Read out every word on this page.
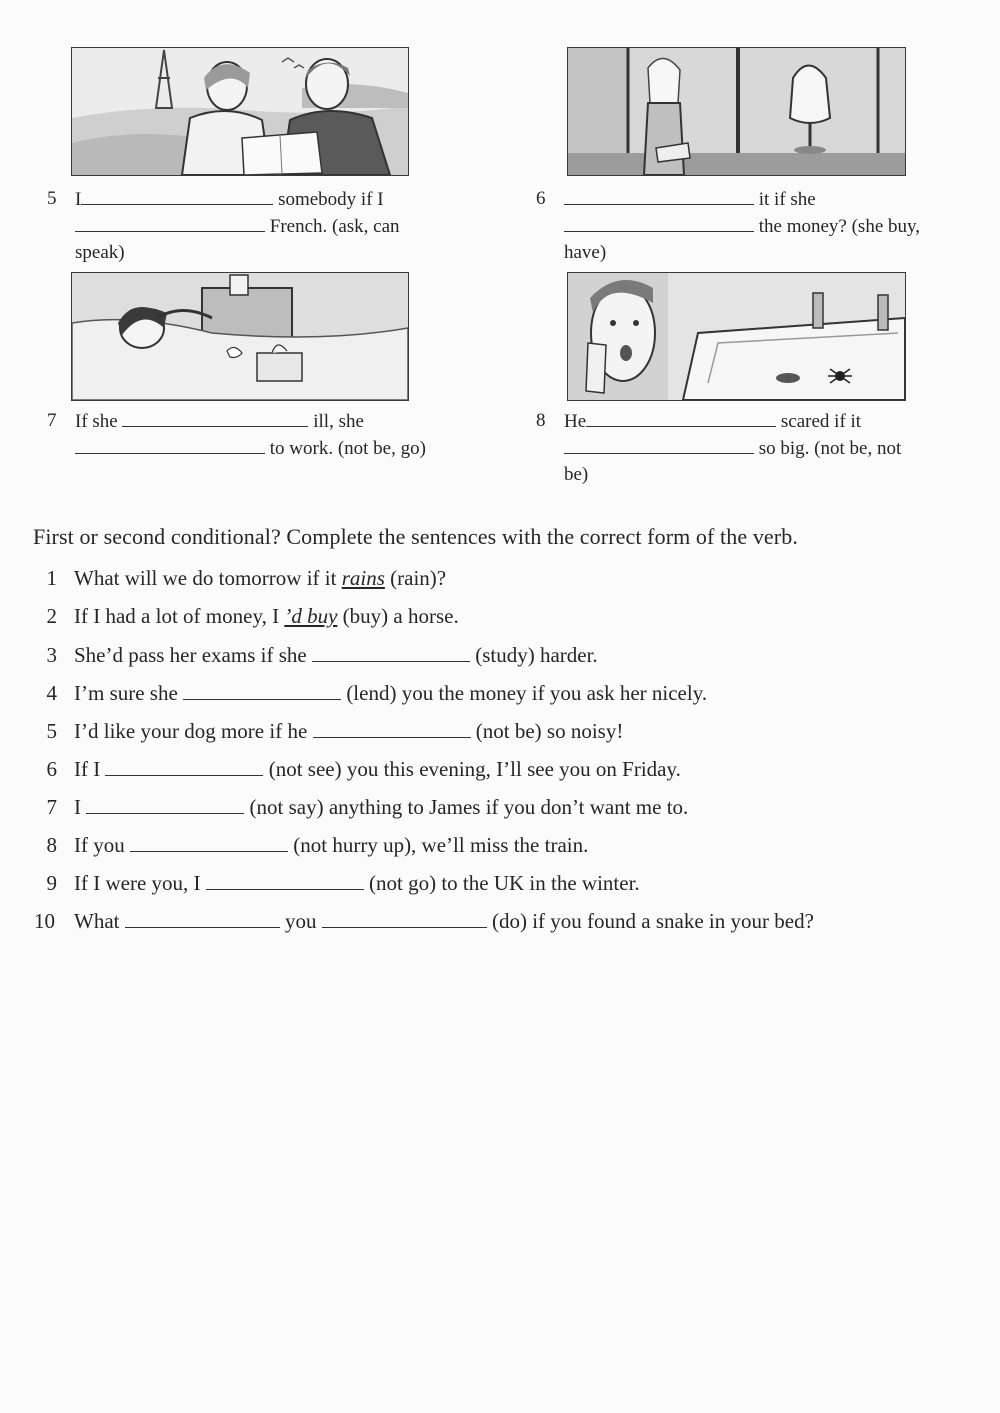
5 I	somebody if I
French. (ask, can
speak)
6	it if she
the money? (she buy,
have)
7 If she	ill, she
to work. (not be, go)
8 He	scared if it
so big. (not be, not
be)
First or second conditional? Complete the sentences with the correct form of the verb.
1 What will we do tomorrow if it rains (rain)?
2 If I had a lot of money, I ’d buy (buy) a horse.
3 She’d pass her exams if she	(study) harder.
4 I’m sure she	(lend) you the money if you ask her nicely.
5 I’d like your dog more if he	(not be) so noisy!
6 If I	(not see) you this evening, I’ll see you on Friday.
7 I	(not say) anything to James if you don’t want me to.
8 If you	(not hurry up), we’ll miss the train.
9 If I were you, I	(not go) to the UK in the winter.
10 What	you	(do) if you found a snake in your bed?
